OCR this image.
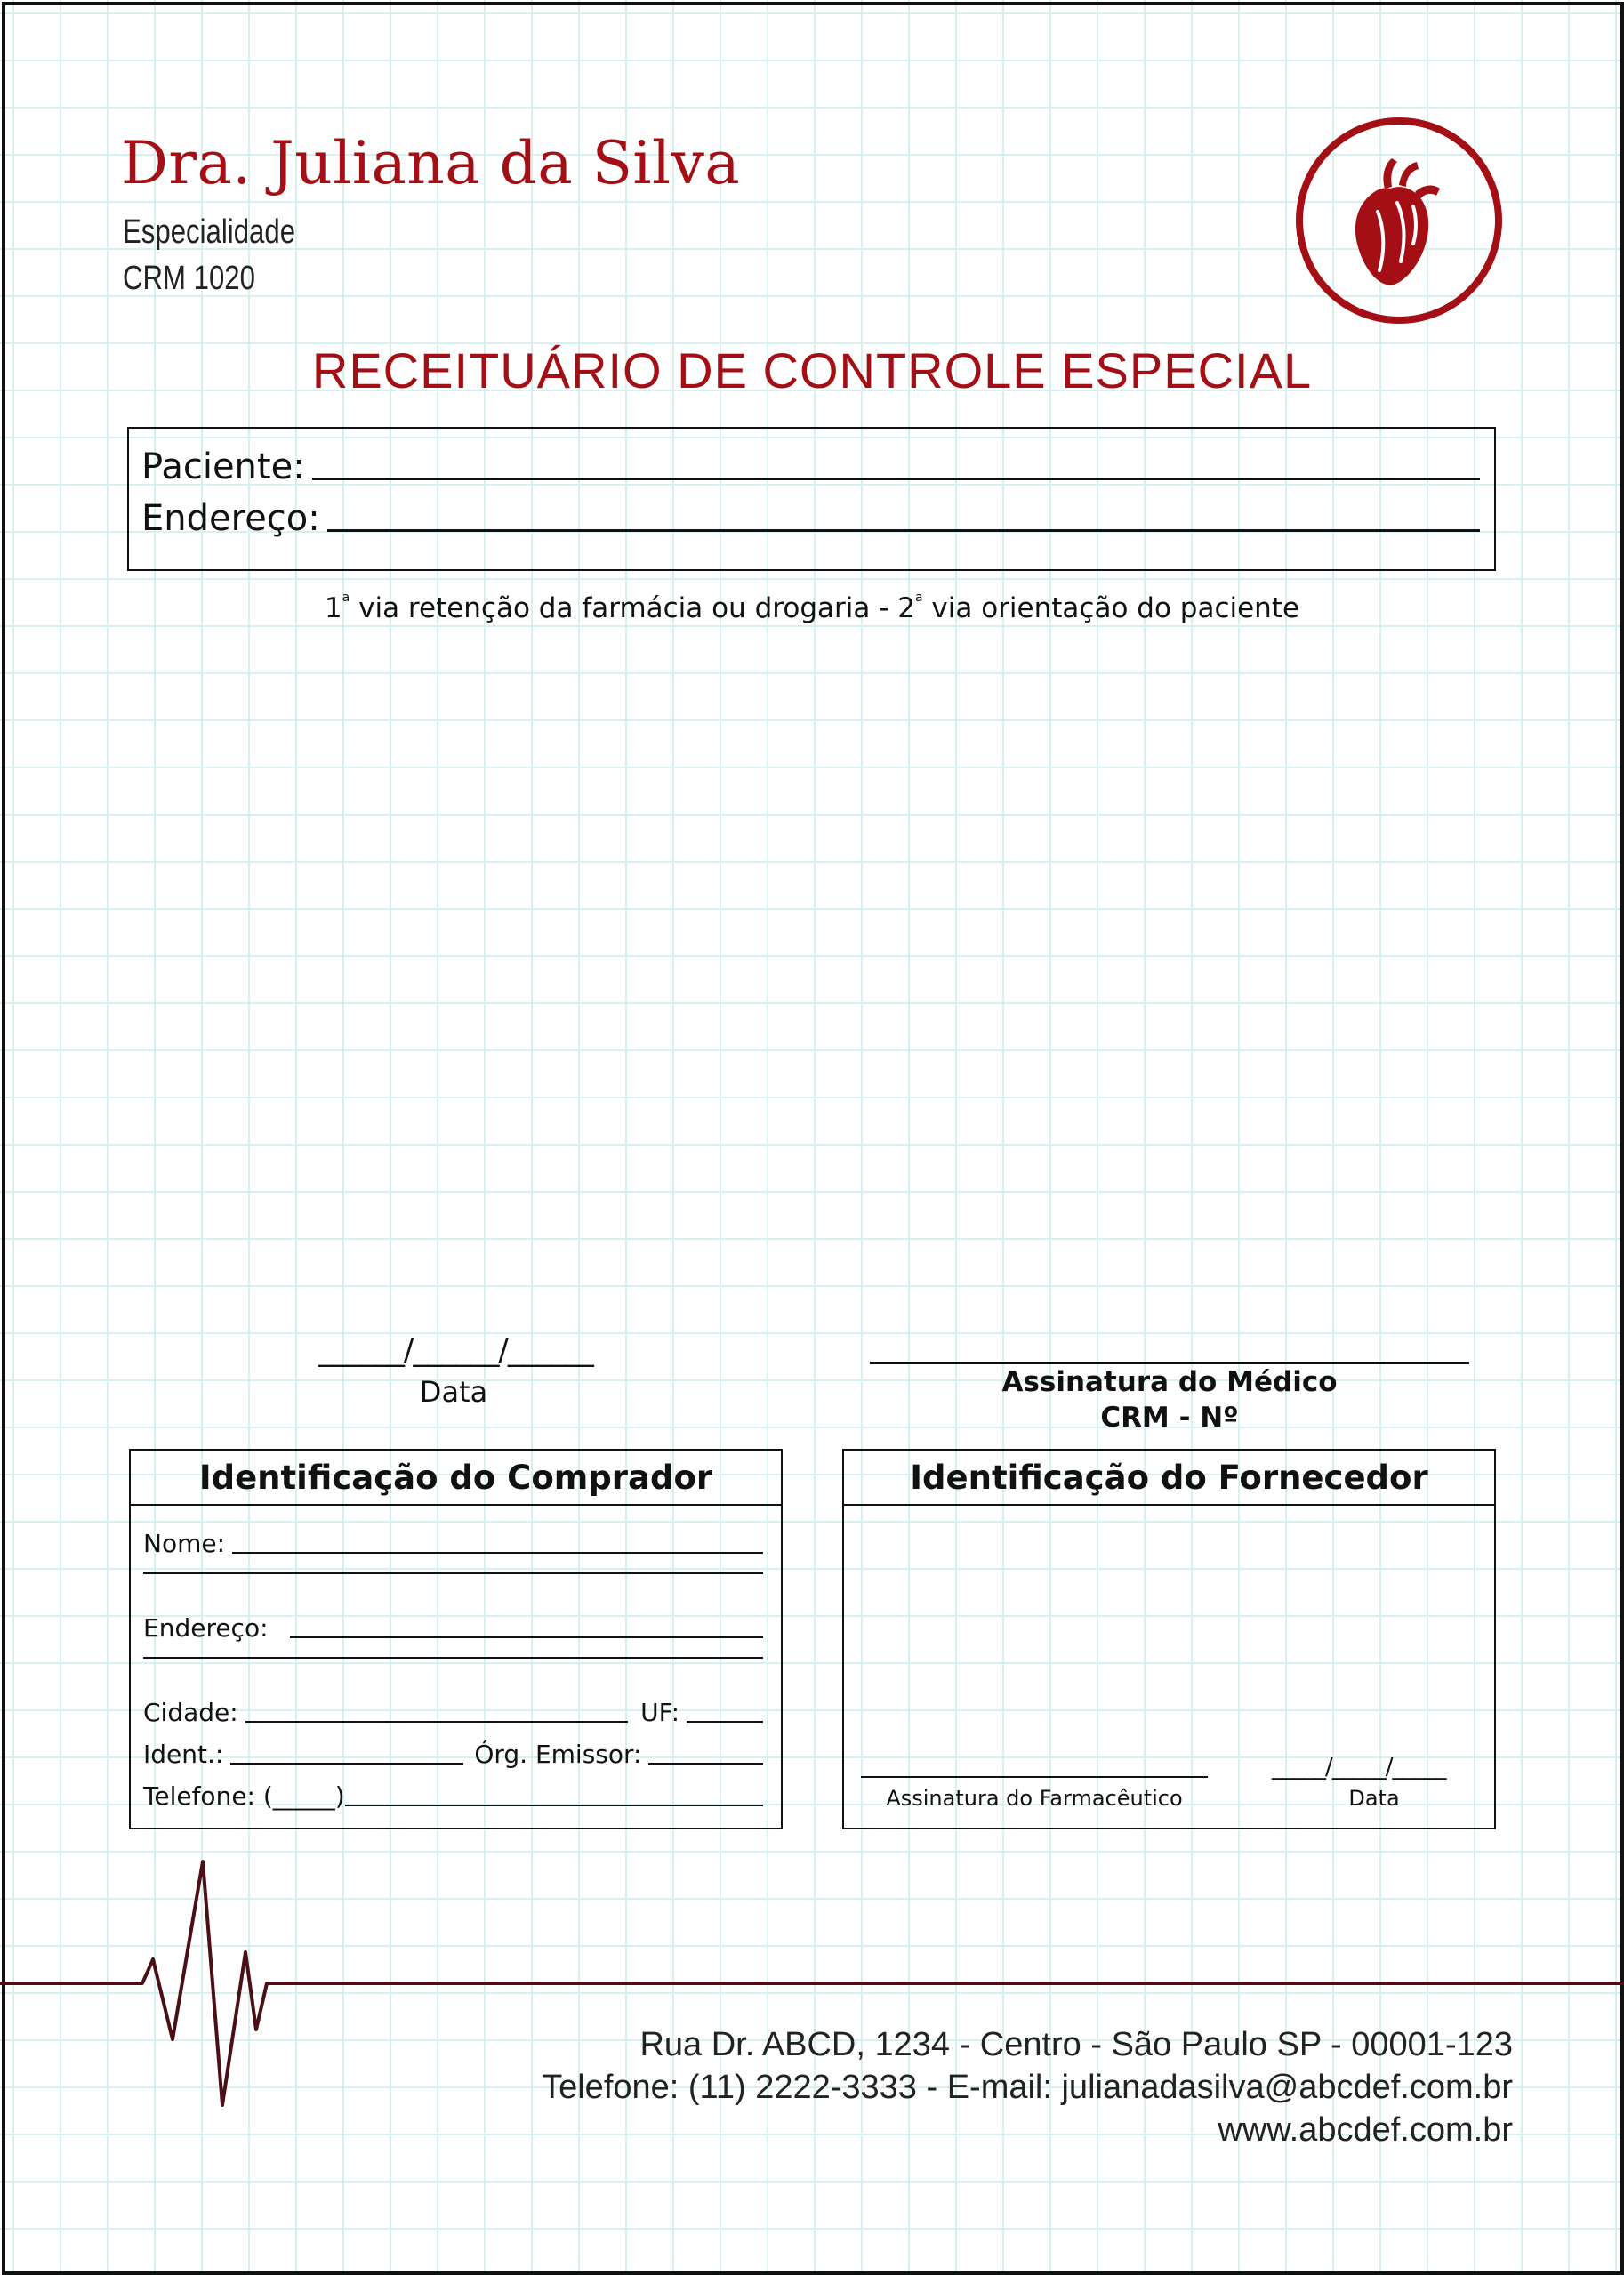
Dra. Juliana da Silva
Especialidade
CRM 1020
RECEITUÁRIO DE CONTROLE ESPECIAL
Paciente:
Endereço:
1$^a$ via retenção da farmácia ou drogaria - 2$^a$ via orientação do paciente
______/______/______
Data	Assinatura do Médico
CRM - Nº
Identificação do Comprador
Nome:
Endereço:
Cidade:	UF:
Ident.:	Órg. Emissor:
Telefone: (_____)
Identificação do Fornecedor
Assinatura do Farmacêutico
_____/_____/_____
Data
Rua Dr. ABCD, 1234 - Centro - São Paulo SP - 00001-123
Telefone: (11) 2222-3333 - E-mail: julianadasilva@abcdef.com.br
www.abcdef.com.br
